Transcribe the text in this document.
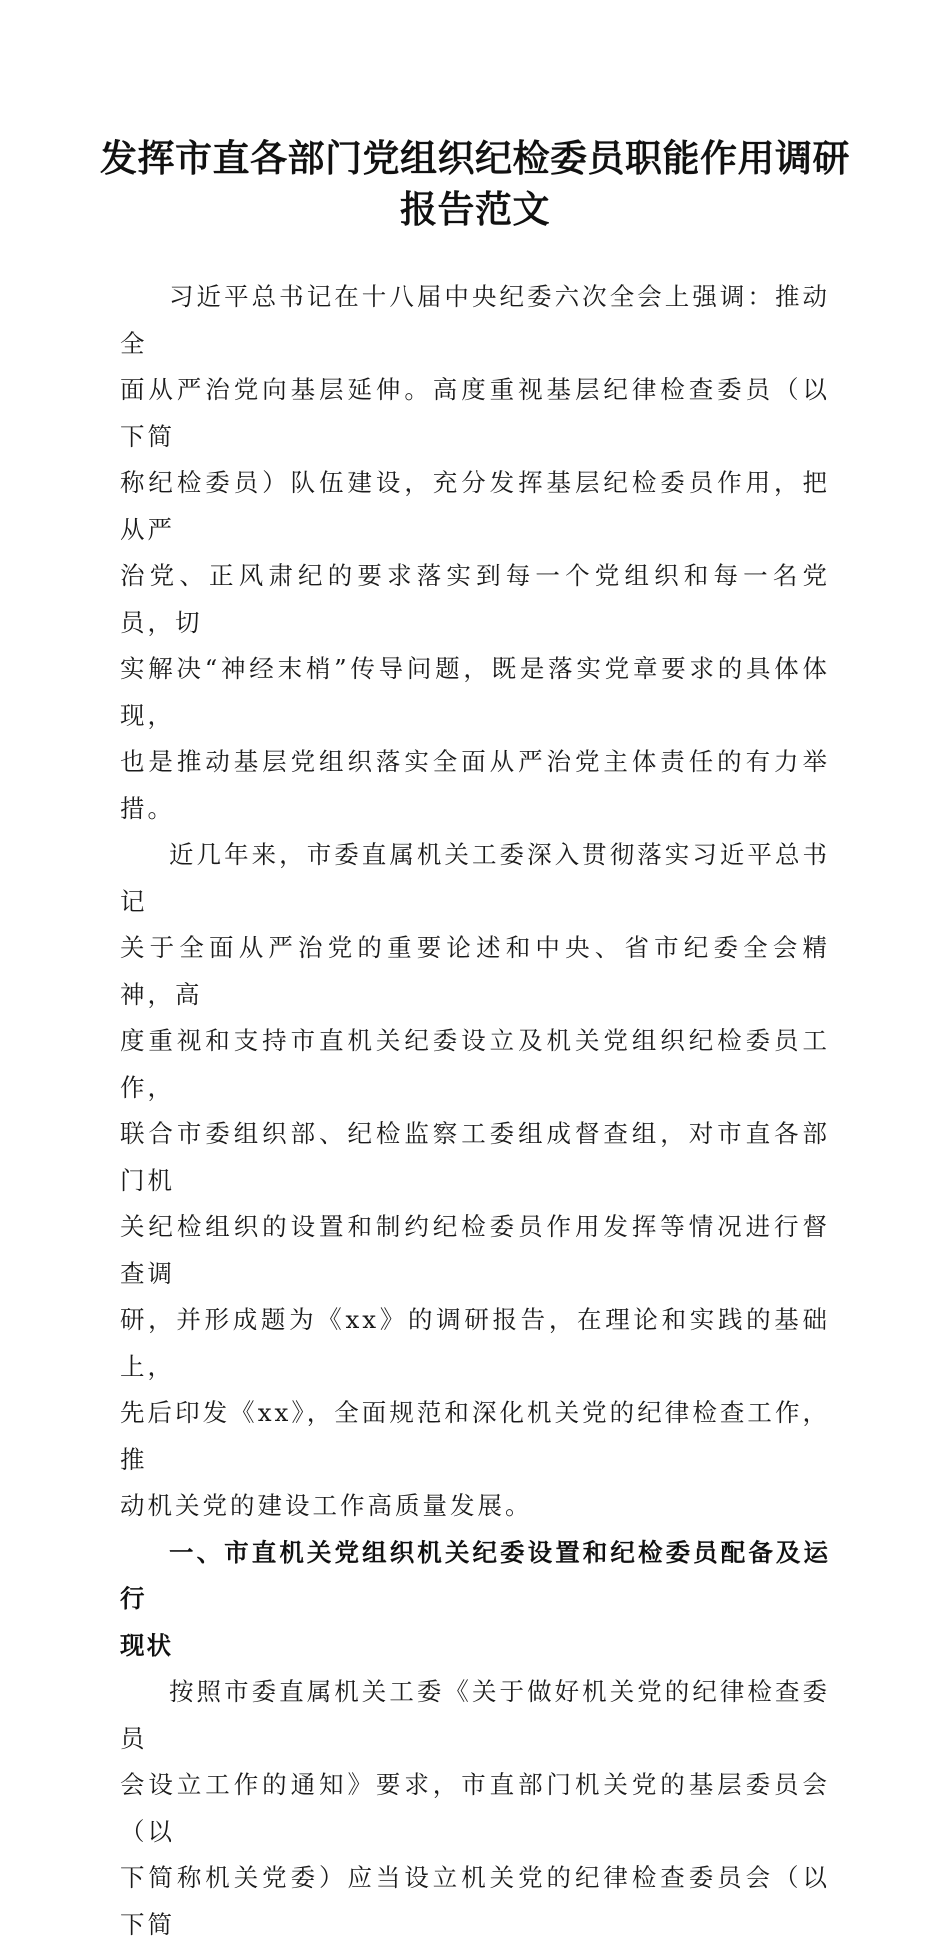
发挥市直各部门党组织纪检委员职能作用调研 报告范文

习近平总书记在十八届中央纪委六次全会上强调：推动全
面从严治党向基层延伸。高度重视基层纪律检查委员（以下简
称纪检委员）队伍建设，充分发挥基层纪检委员作用，把从严
治党、正风肃纪的要求落实到每一个党组织和每一名党员，切
实解决“神经末梢”传导问题，既是落实党章要求的具体体现，
也是推动基层党组织落实全面从严治党主体责任的有力举措。

近几年来，市委直属机关工委深入贯彻落实习近平总书记
关于全面从严治党的重要论述和中央、省市纪委全会精神，高
度重视和支持市直机关纪委设立及机关党组织纪检委员工作，
联合市委组织部、纪检监察工委组成督查组，对市直各部门机
关纪检组织的设置和制约纪检委员作用发挥等情况进行督查调
研，并形成题为《xx》的调研报告，在理论和实践的基础上，
先后印发《xx》，全面规范和深化机关党的纪律检查工作，推
动机关党的建设工作高质量发展。

一、市直机关党组织机关纪委设置和纪检委员配备及运行
现状

按照市委直属机关工委《关于做好机关党的纪律检查委员
会设立工作的通知》要求，市直部门机关党的基层委员会（以
下简称机关党委）应当设立机关党的纪律检查委员会（以下简
